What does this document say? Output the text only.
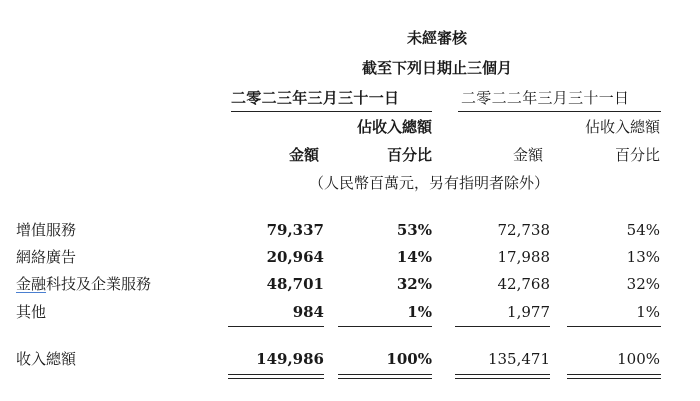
未經審核
截至下列日期止三個月
二零二三年三月三十一日	二零二二年三月三十一日
佔收入總額	佔收入總額
金額	百分比	金額	百分比
（人民幣百萬元，另有指明者除外）
增值服務	79,337	53%	72,738	54%
網絡廣告	20,964	14%	17,988	13%
金融科技及企業服務	48,701	32%	42,768	32%
其他	984	1%	1,977	1%
收入總額	149,986	100%	135,471	100%
